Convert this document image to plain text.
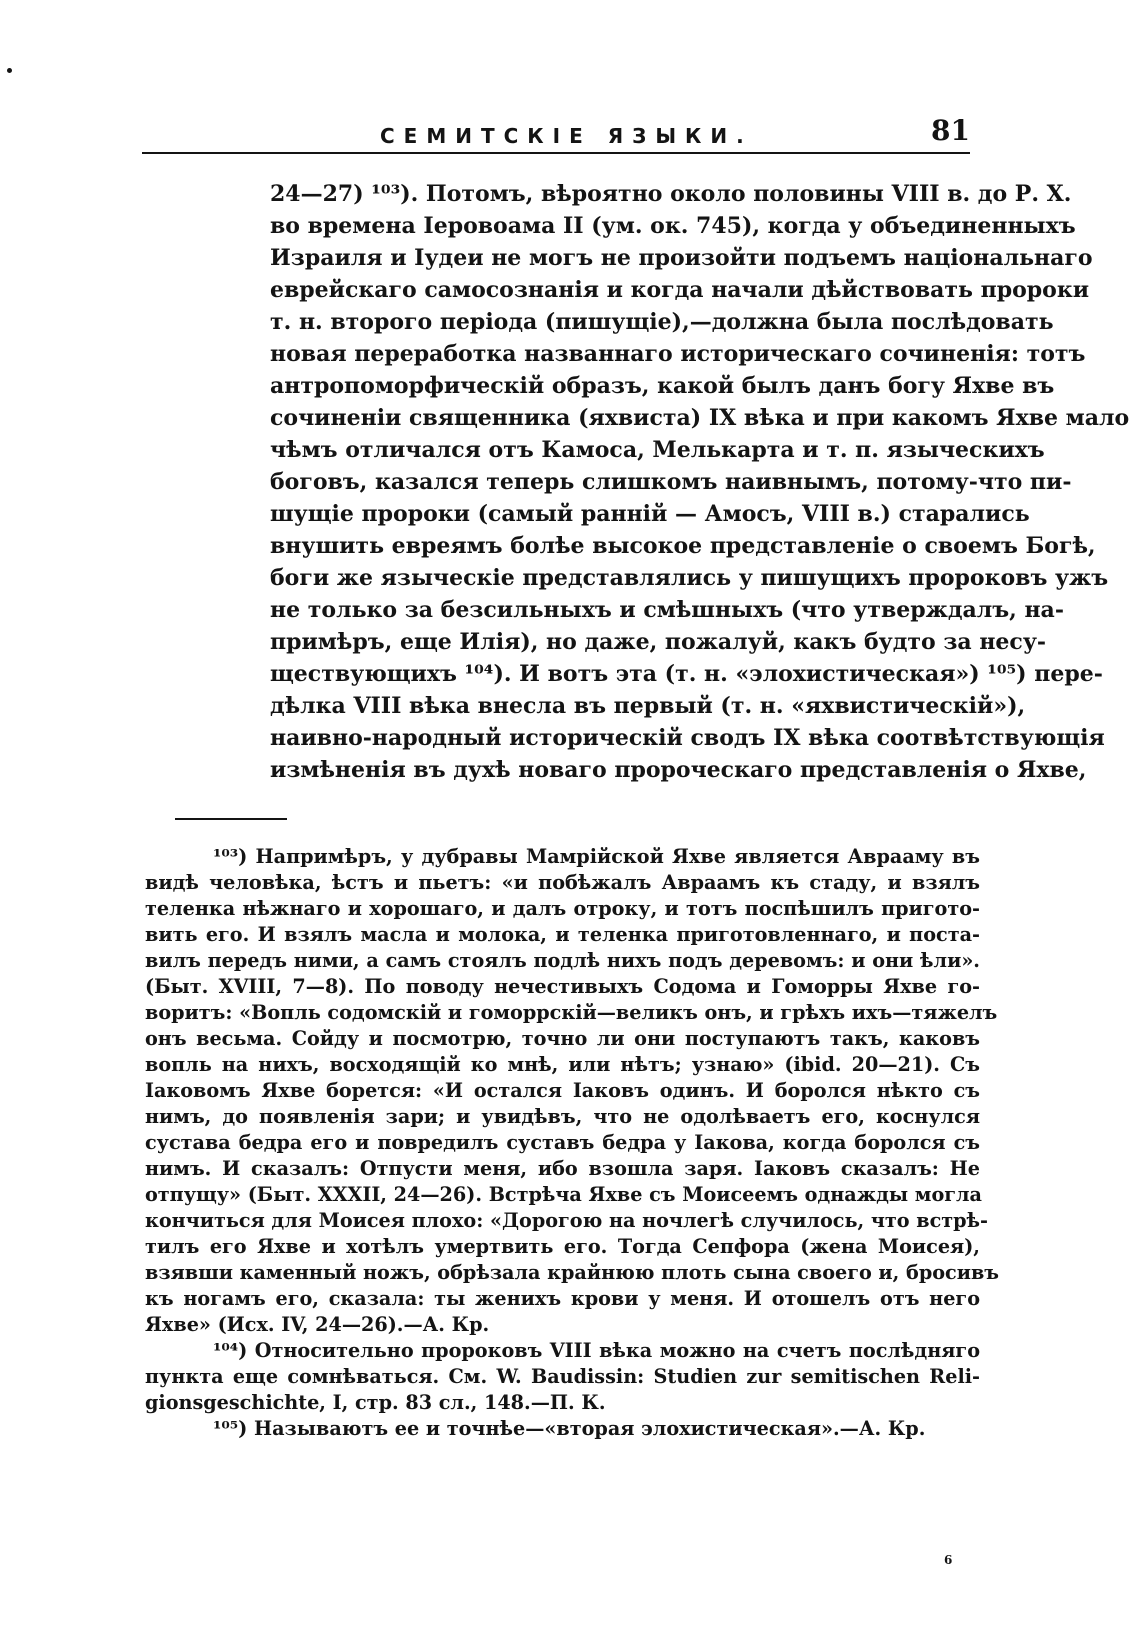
СЕМИТСКІЕ ЯЗЫКИ.	81
24—27) ¹⁰³). Потомъ, вѣроятно около половины VIII в. до Р. Х.
во времена Іеровоама II (ум. ок. 745), когда у объединенныхъ
Израиля и Іудеи не могъ не произойти подъемъ національнаго
еврейскаго самосознанія и когда начали дѣйствовать пророки
т. н. второго періода (пишущіе),—должна была послѣдовать
новая переработка названнаго историческаго сочиненія: тотъ
антропоморфическій образъ, какой былъ данъ богу Яхве въ
сочиненіи священника (яхвиста) IX вѣка и при какомъ Яхве мало
чѣмъ отличался отъ Камоса, Мелькарта и т. п. языческихъ
боговъ, казался теперь слишкомъ наивнымъ, потому-что пи-
шущіе пророки (самый ранній — Амосъ, VIII в.) старались
внушить евреямъ болѣе высокое представленіе о своемъ Богѣ,
боги же языческіе представлялись у пишущихъ пророковъ ужъ
не только за безсильныхъ и смѣшныхъ (что утверждалъ, на-
примѣръ, еще Илія), но даже, пожалуй, какъ будто за несу-
ществующихъ ¹⁰⁴). И вотъ эта (т. н. «элохистическая») ¹⁰⁵) пере-
дѣлка VIII вѣка внесла въ первый (т. н. «яхвистическій»),
наивно-народный историческій сводъ IX вѣка соотвѣтствующія
измѣненія въ духѣ новаго пророческаго представленія о Яхве,
¹⁰³) Напримѣръ, у дубравы Мамрійской Яхве является Аврааму въ
видѣ человѣка, ѣстъ и пьетъ: «и побѣжалъ Авраамъ къ стаду, и взялъ
теленка нѣжнаго и хорошаго, и далъ отроку, и тотъ поспѣшилъ пригото-
вить его. И взялъ масла и молока, и теленка приготовленнаго, и поста-
вилъ передъ ними, а самъ стоялъ подлѣ нихъ подъ деревомъ: и они ѣли».
(Быт. XVIII, 7—8). По поводу нечестивыхъ Содома и Гоморры Яхве го-
воритъ: «Вопль содомскій и гоморрскій—великъ онъ, и грѣхъ ихъ—тяжелъ
онъ весьма. Сойду и посмотрю, точно ли они поступаютъ такъ, каковъ
вопль на нихъ, восходящій ко мнѣ, или нѣтъ; узнаю» (ibid. 20—21). Съ
Іаковомъ Яхве борется: «И остался Іаковъ одинъ. И боролся нѣкто съ
нимъ, до появленія зари; и увидѣвъ, что не одолѣваетъ его, коснулся
сустава бедра его и повредилъ суставъ бедра у Іакова, когда боролся съ
нимъ. И сказалъ: Отпусти меня, ибо взошла заря. Іаковъ сказалъ: Не
отпущу» (Быт. XXXII, 24—26). Встрѣча Яхве съ Моисеемъ однажды могла
кончиться для Моисея плохо: «Дорогою на ночлегѣ случилось, что встрѣ-
тилъ его Яхве и хотѣлъ умертвить его. Тогда Сепфора (жена Моисея),
взявши каменный ножъ, обрѣзала крайнюю плоть сына своего и, бросивъ
къ ногамъ его, сказала: ты женихъ крови у меня. И отошелъ отъ него
Яхве» (Исх. IV, 24—26).—А. Кр.
¹⁰⁴) Относительно пророковъ VIII вѣка можно на счетъ послѣдняго
пункта еще сомнѣваться. См. W. Baudissin: Studien zur semitischen Reli-
gionsgeschichte, I, стр. 83 сл., 148.—П. К.
¹⁰⁵) Называютъ ее и точнѣе—«вторая элохистическая».—А. Кр.
6
